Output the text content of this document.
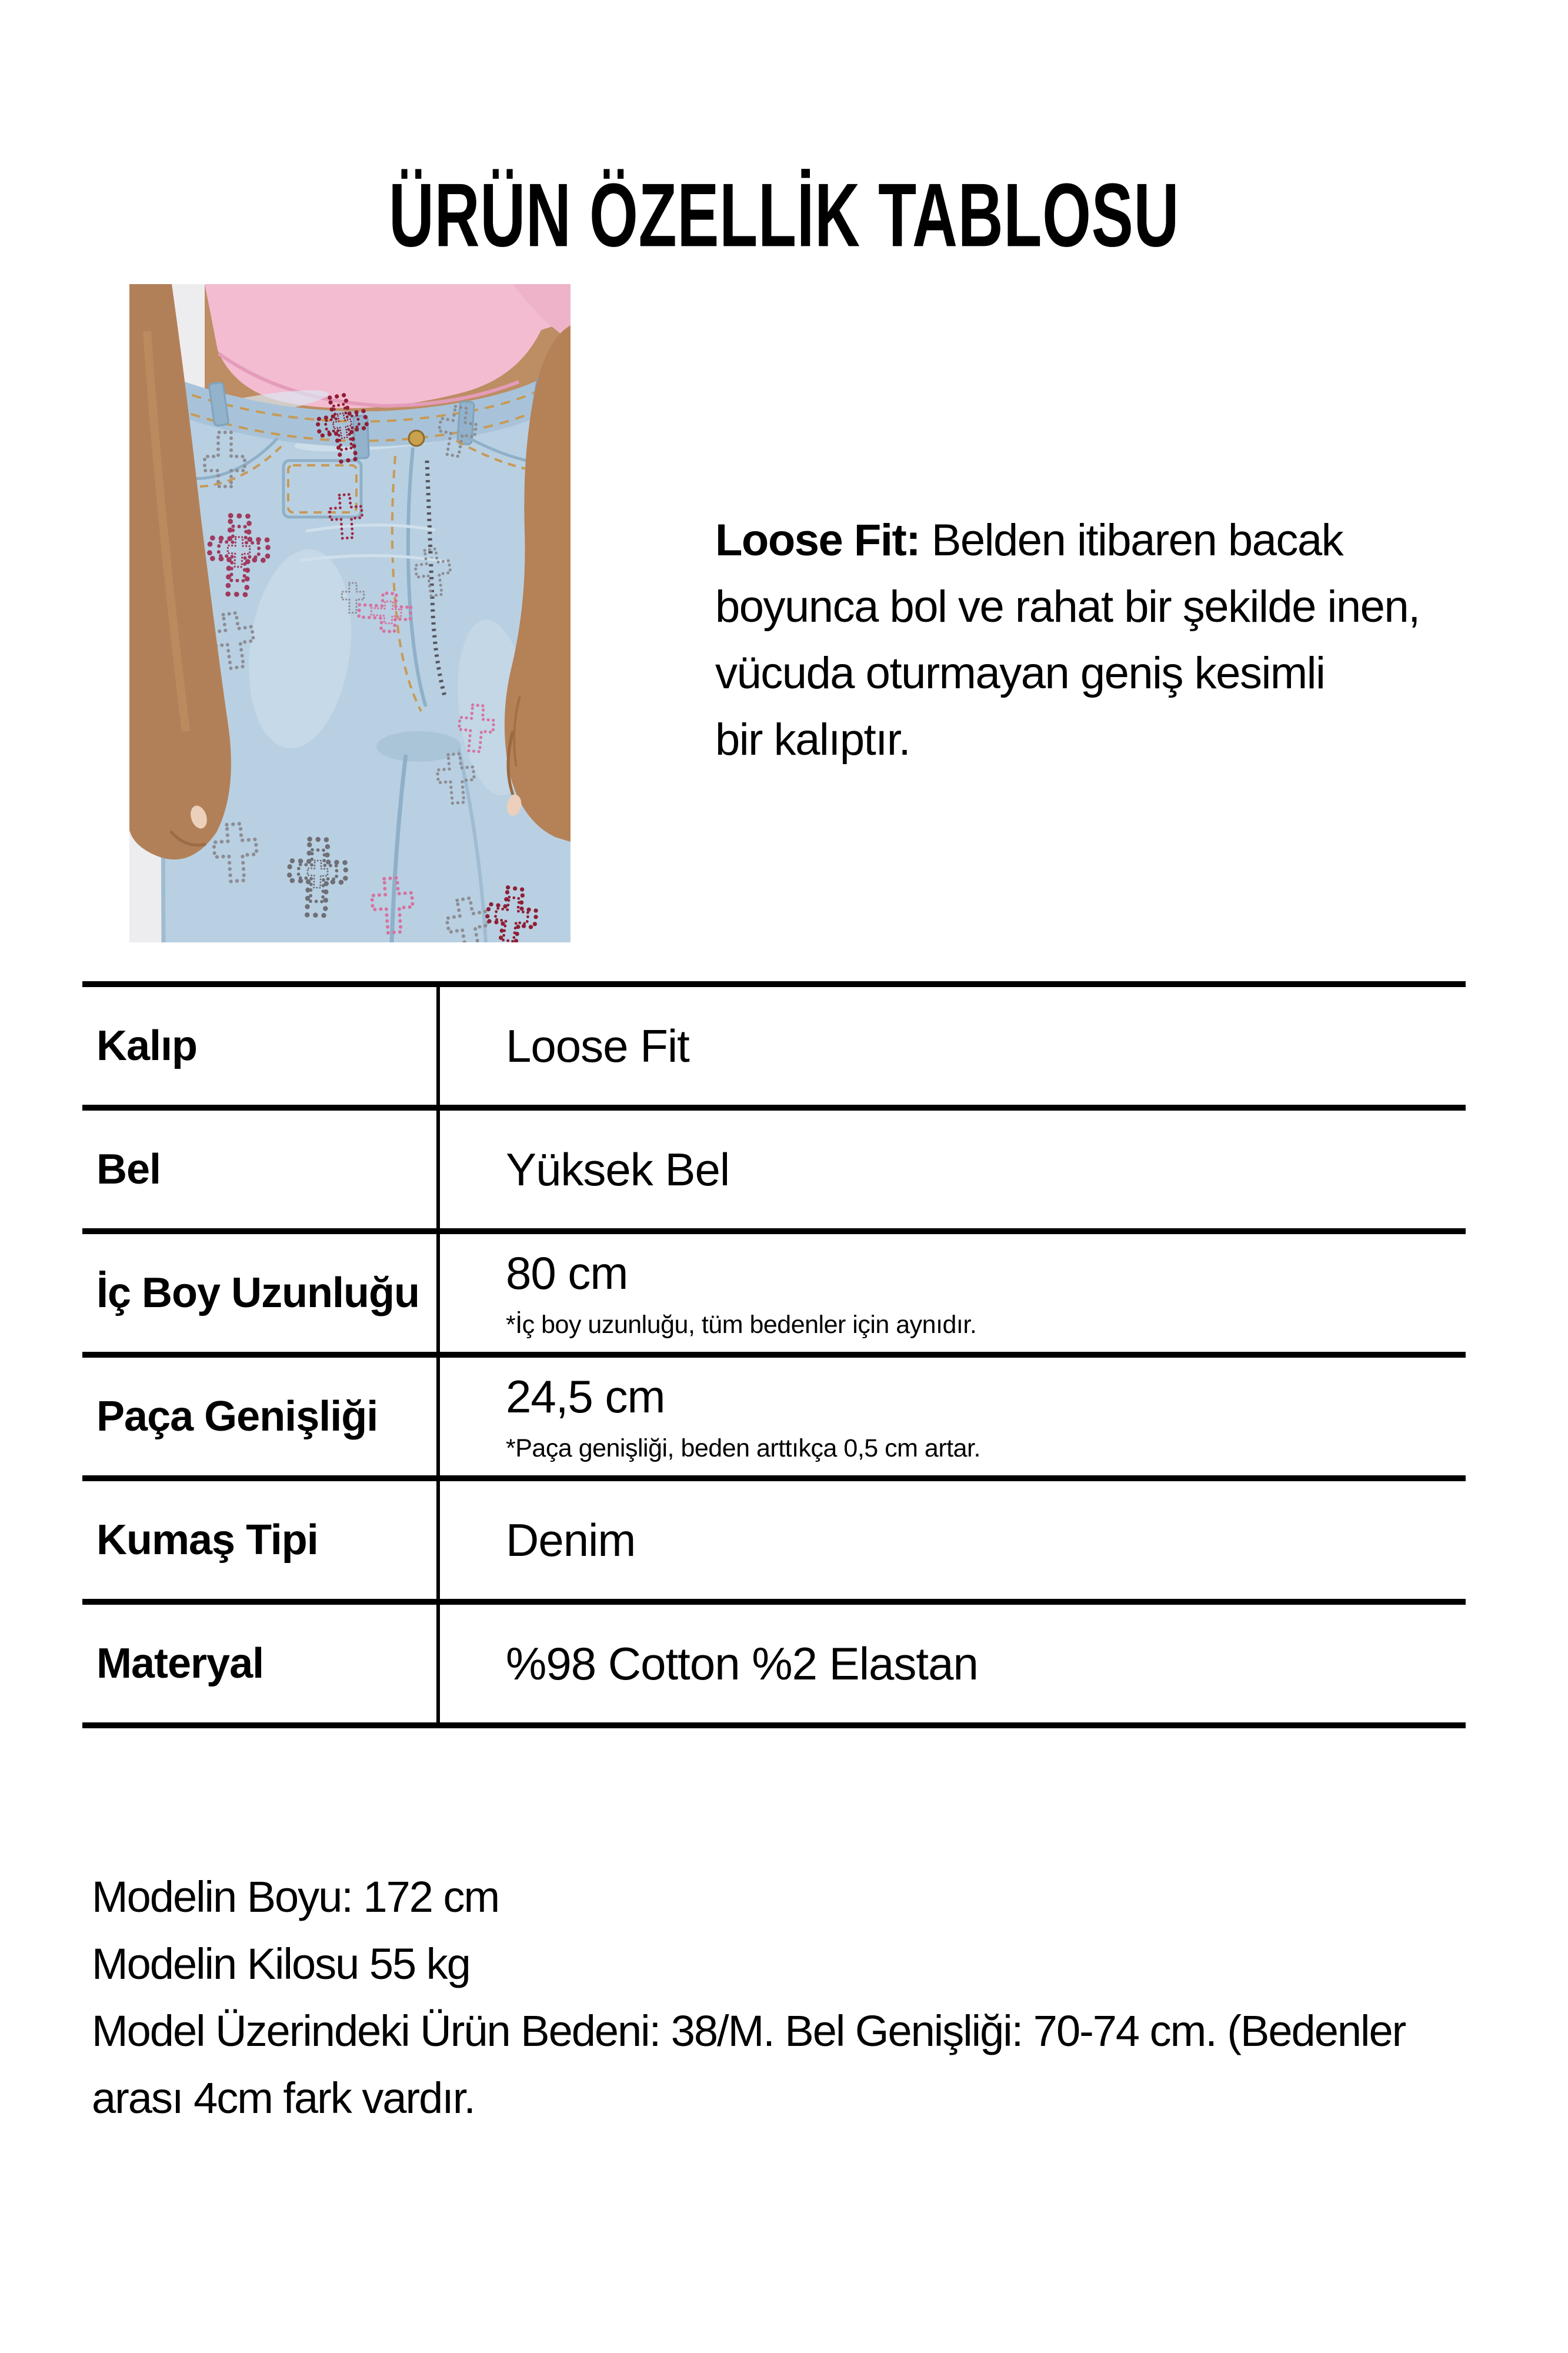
ÜRÜN ÖZELLİK TABLOSU
Loose Fit: Belden itibaren bacak
boyunca bol ve rahat bir şekilde inen,
vücuda oturmayan geniş kesimli
bir kalıptır.
Kalıp	Loose Fit
Bel	Yüksek Bel
İç Boy Uzunluğu	80 cm
*İç boy uzunluğu, tüm bedenler için aynıdır.
Paça Genişliği	24,5 cm
*Paça genişliği, beden arttıkça 0,5 cm artar.
Kumaş Tipi	Denim
Materyal	%98 Cotton %2 Elastan
Modelin Boyu: 172 cm
Modelin Kilosu 55 kg
Model Üzerindeki Ürün Bedeni: 38/M. Bel Genişliği: 70-74 cm. (Bedenler
arası 4cm fark vardır.
